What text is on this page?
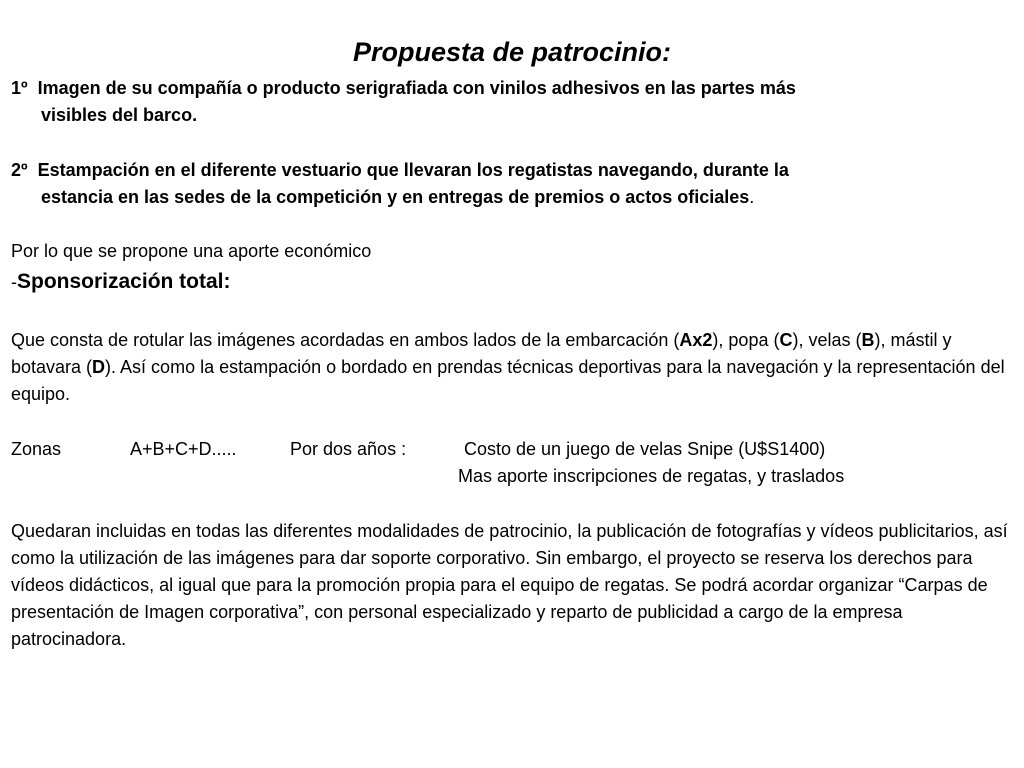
Propuesta de patrocinio:
1º Imagen de su compañía o producto serigrafiada con vinilos adhesivos en las partes más
visibles del barco.
2º Estampación en el diferente vestuario que llevaran los regatistas navegando, durante la
estancia en las sedes de la competición y en entregas de premios o actos oficiales.

Por lo que se propone una aporte económico

-Sponsorización total:

Que consta de rotular las imágenes acordadas en ambos lados de la embarcación (Ax2), popa (C), velas (B), mástil y botavara (D). Así como la estampación o bordado en prendas técnicas deportivas para la navegación y la representación del equipo.

Zonas	A+B+C+D.....	Por dos años :	Costo de un juego de velas Snipe (U$S1400)
Mas aporte inscripciones de regatas, y traslados

Quedaran incluidas en todas las diferentes modalidades de patrocinio, la publicación de fotografías y vídeos publicitarios, así como la utilización de las imágenes para dar soporte corporativo. Sin embargo, el proyecto se reserva los derechos para vídeos didácticos, al igual que para la promoción propia para el equipo de regatas. Se podrá acordar organizar “Carpas de presentación de Imagen corporativa”, con personal especializado y reparto de publicidad a cargo de la empresa patrocinadora.
